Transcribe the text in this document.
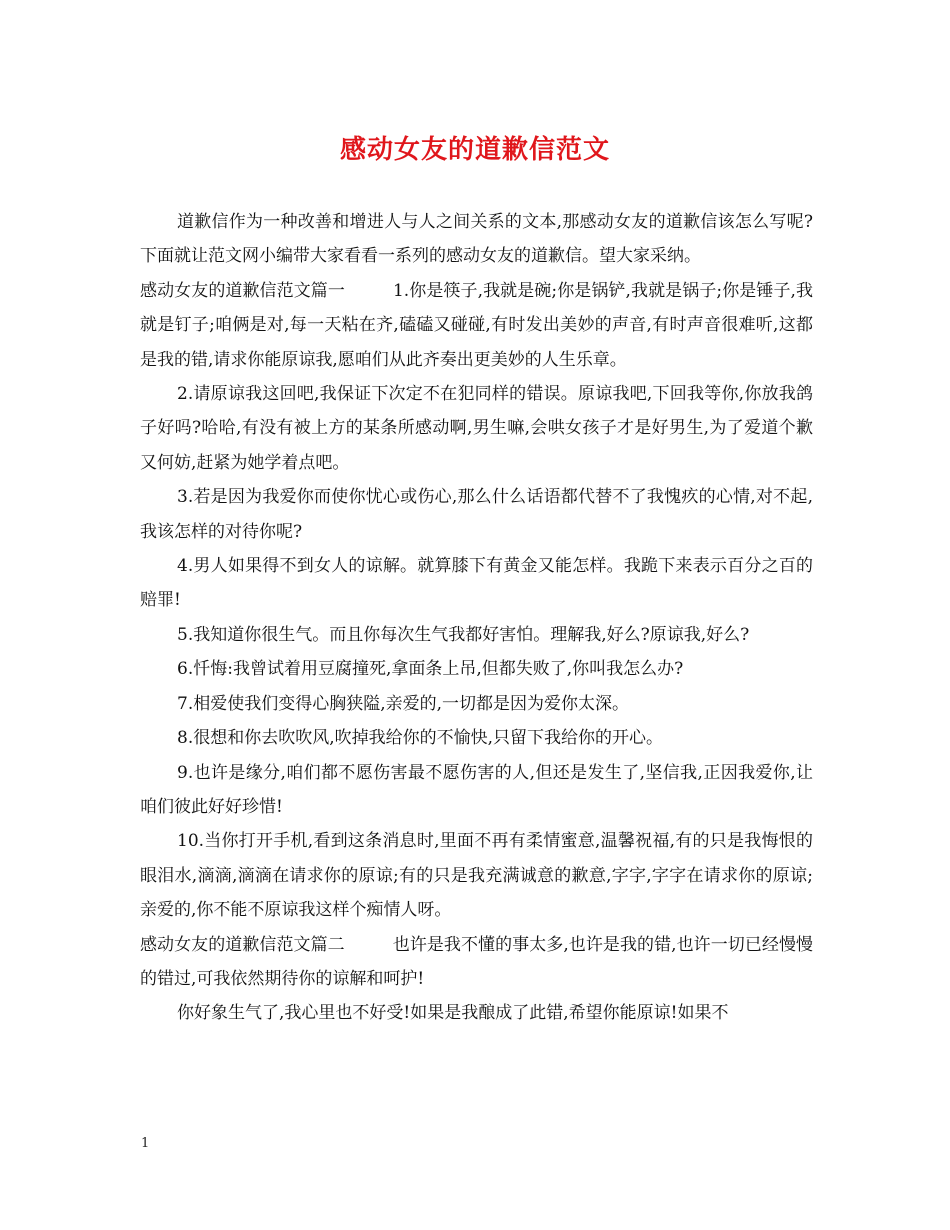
感动女友的道歉信范文

道歉信作为一种改善和增进人与人之间关系的文本,那感动女友的道歉信该怎么写呢?下面就让范文网小编带大家看看一系列的感动女友的道歉信。望大家采纳。

感动女友的道歉信范文篇一	1.你是筷子,我就是碗;你是锅铲,我就是锅子;你是锤子,我就是钉子;咱俩是对,每一天粘在齐,磕磕又碰碰,有时发出美妙的声音,有时声音很难听,这都是我的错,请求你能原谅我,愿咱们从此齐奏出更美妙的人生乐章。

2.请原谅我这回吧,我保证下次定不在犯同样的错误。原谅我吧,下回我等你,你放我鸽子好吗?哈哈,有没有被上方的某条所感动啊,男生嘛,会哄女孩子才是好男生,为了爱道个歉又何妨,赶紧为她学着点吧。

3.若是因为我爱你而使你忧心或伤心,那么什么话语都代替不了我愧疚的心情,对不起,我该怎样的对待你呢?

4.男人如果得不到女人的谅解。就算膝下有黄金又能怎样。我跪下来表示百分之百的赔罪!

5.我知道你很生气。而且你每次生气我都好害怕。理解我,好么?原谅我,好么?

6.忏悔:我曾试着用豆腐撞死,拿面条上吊,但都失败了,你叫我怎么办?

7.相爱使我们变得心胸狭隘,亲爱的,一切都是因为爱你太深。

8.很想和你去吹吹风,吹掉我给你的不愉快,只留下我给你的开心。

9.也许是缘分,咱们都不愿伤害最不愿伤害的人,但还是发生了,坚信我,正因我爱你,让咱们彼此好好珍惜!

10.当你打开手机,看到这条消息时,里面不再有柔情蜜意,温馨祝福,有的只是我悔恨的眼泪水,滴滴,滴滴在请求你的原谅;有的只是我充满诚意的歉意,字字,字字在请求你的原谅;亲爱的,你不能不原谅我这样个痴情人呀。

感动女友的道歉信范文篇二	也许是我不懂的事太多,也许是我的错,也许一切已经慢慢的错过,可我依然期待你的谅解和呵护!

你好象生气了,我心里也不好受!如果是我酿成了此错,希望你能原谅!如果不

1
